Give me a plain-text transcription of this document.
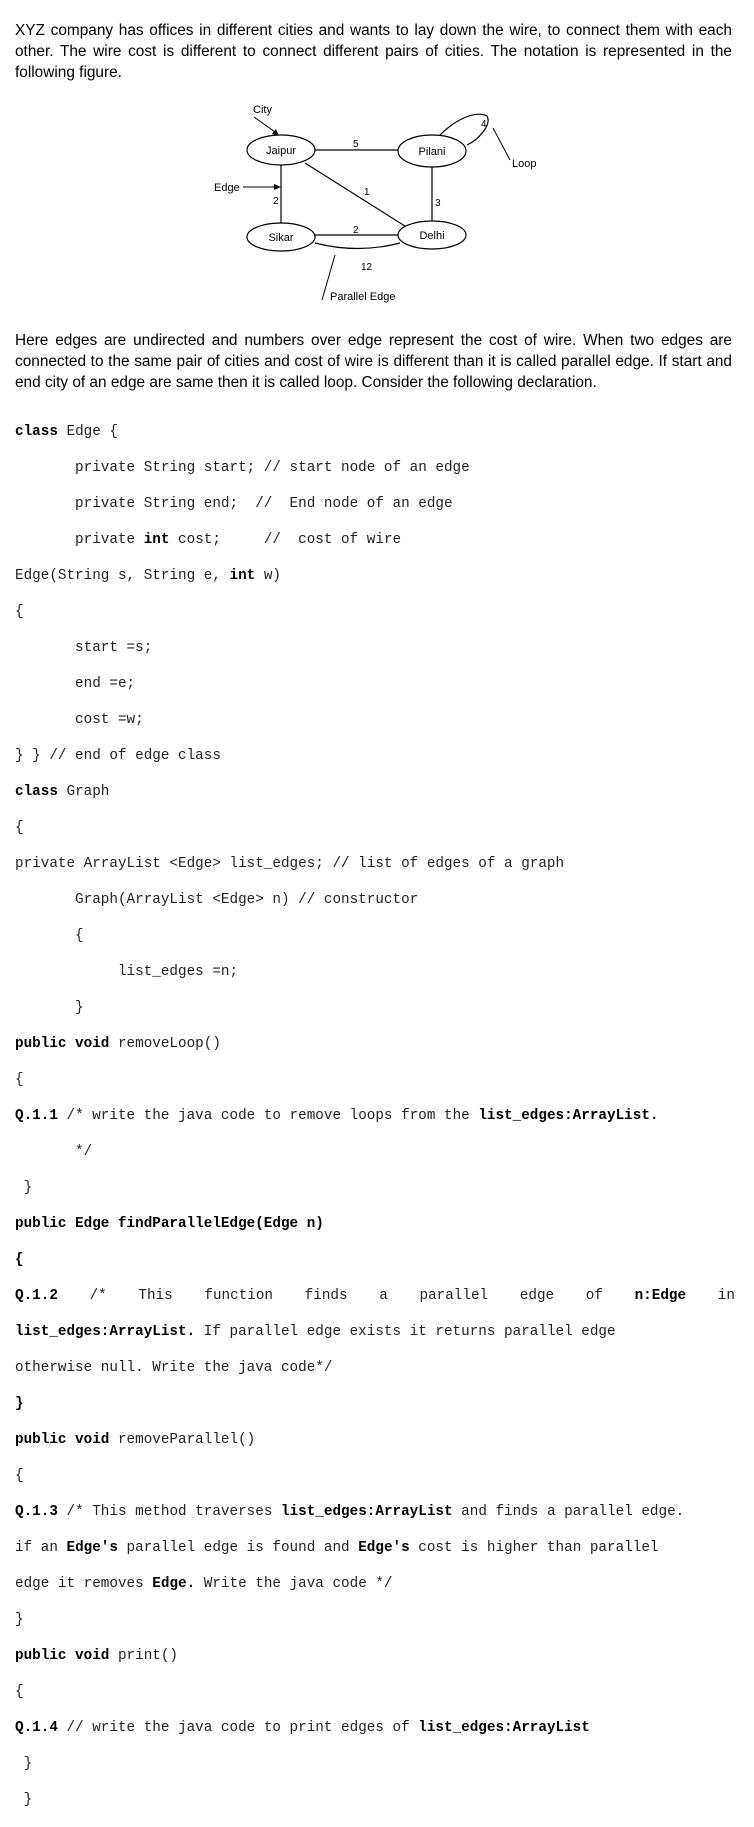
XYZ company has offices in different cities and wants to lay down the wire, to connect them with each other. The wire cost is different to connect different pairs of cities. The notation is represented in the following figure.

Jaipur	Pilani
Sikar	Delhi
City
Edge
Loop
Parallel Edge
5
1
2	3
2
12
4

Here edges are undirected and numbers over edge represent the cost of wire. When two edges are connected to the same pair of cities and cost of wire is different than it is called parallel edge. If start and end city of an edge are same then it is called loop. Consider the following declaration.

class Edge {

private String start; // start node of an edge

private String end;  //  End node of an edge

private int cost;     //  cost of wire

Edge(String s, String e, int w)

{

start =s;

end =e;

cost =w;

} } // end of edge class

class Graph

{

private ArrayList <Edge> list_edges; // list of edges of a graph

Graph(ArrayList <Edge> n) // constructor

{

list_edges =n;

}

public void removeLoop()

{

Q.1.1 /* write the java code to remove loops from the list_edges:ArrayList.

*/

}

public Edge findParallelEdge(Edge n)

{

Q.1.2 /* This function finds a parallel edge of n:Edge in

list_edges:ArrayList. If parallel edge exists it returns parallel edge

otherwise null. Write the java code*/

}

public void removeParallel()

{

Q.1.3 /* This method traverses list_edges:ArrayList and finds a parallel edge.

if an Edge's parallel edge is found and Edge's cost is higher than parallel

edge it removes Edge. Write the java code */

}

public void print()

{

Q.1.4 // write the java code to print edges of list_edges:ArrayList

}

}
